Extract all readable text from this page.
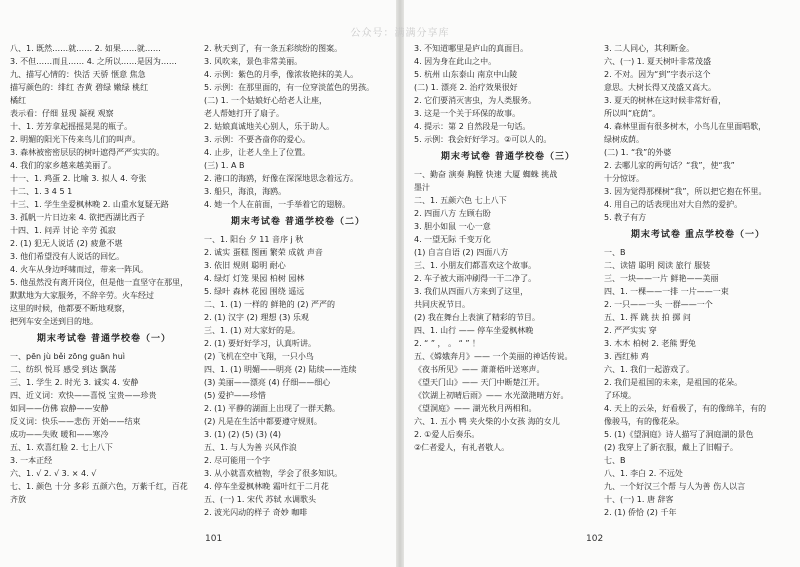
公众号：满满分享库
八、1. 既然……就…… 2. 如果……就……
3. 不但……而且…… 4. 之所以……是因为……
九、描写心情的：快活 天骄 惬意 焦急
描写颜色的：绯红 杏黄 碧绿 嫩绿 桃红
橘红
表示看：仔细 显现 凝视 观察
十、1. 芳芳拿起摇摇晃晃的瓶子。
2. 明媚的阳光下传来鸟儿们的叫声。
3. 森林被密密层层的树叶遮得严严实实的。
4. 我们的家乡越来越美丽了。
十一、1. 鸡蛋 2. 比喻 3. 拟人 4. 夸张
十二、1. 3 4 5 1
十三、1. 学生坐爱枫林晚 2. 山重水复疑无路
3. 孤帆一片日边来 4. 欲把西湖比西子
十四、1. 问弄 讨论 辛劳 孤寂
2. (1) 犯无人说话 (2) 疲惫不堪
3. 他们希望没有人说话的回忆。
4. 火车从身边呼啸而过，带来一阵风。
5. 他虽然没有离开岗位，但是他一直坚守在那里，
默默地为大家服务，不辞辛劳。火车经过
这里的时候，他都要不断地观察，
把列车安全送到目的地。
期末考试卷 普通学校卷（一）
一、pēn jù běi zōng guān huì
二、纺织 悦耳 感受 到达 飘荡
三、1. 学生 2. 时光 3. 诚实 4. 安静
四、近义词：欢快——喜悦 宝贵——珍贵
如同——仿佛 寂静——安静
反义词：快乐——悲伤 开始——结束
成功——失败 暖和——寒冷
五、1. 欢喜红脸 2. 七上八下
3. 一本正经
六、1. √ 2. √ 3. × 4. √
七、1. 颜色 十分 多彩 五颜六色，万紫千红，百花
齐放
2. 秋天到了，有一条五彩缤纷的图案。
3. 风吹来，景色非常美丽。
4. 示例：紫色的月季，像浓妆艳抹的美人。
5. 示例：在那里面的，有一位穿淡蓝色的男孩。
(二) 1. 一个姑娘好心给老人让座，
老人帮她打开了扇子。
2. 姑娘真诚地关心别人，乐于助人。
3. 示例：不要吝啬你的爱心。
4. 止步，让老人坐上了位置。
(三) 1. A B
2. 港口的海鸥，好像在深深地思念着远方。
3. 船只，海浪，海鸥。
4. 她一个人在前面，一手举着它的翅膀。
期末考试卷 普通学校卷（二）
一、1. 阳台 夕 11 音序 j 秋
2. 诚实 蛋糕 图画 繁荣 成就 声音
3. 依旧 规则 聪明 耐心
4. 绿灯 灯笼 果园 柏树 园林
5. 绿叶 森林 花园 围绕 遥远
二、1. (1) 一样的 鲜艳的 (2) 严严的
2. (1) 汉字 (2) 理想 (3) 乐观
三、1. (1) 对大家好的是。
2. (1) 要好好学习，认真听讲。
(2) 飞机在空中飞翔，一只小鸟
四、1. (1) 明媚——明亮 (2) 陆续——连续
(3) 美丽——漂亮 (4) 仔细——细心
(5) 爱护——珍惜
2. (1) 平静的湖面上出现了一群天鹅。
(2) 凡是在生活中都要遵守规则。
3. (1) (2) (5) (3) (4)
五、1. 与人为善 兴风作浪
2. 尽可能用一个字
3. 从小就喜欢植物，学会了很多知识。
4. 停车坐爱枫林晚 霜叶红于二月花
五、(一) 1. 宋代 苏轼 水调歌头
2. 波光闪动的样子 奇妙 咖啡
3. 不知道哪里是庐山的真面目。
4. 因为身在此山之中。
5. 杭州 山东泰山 南京中山陵
(二) 1. 漂亮 2. 治疗效果很好
2. 它们要消灭害虫，为人类服务。
3. 这是一个关于环保的故事。
4. 提示：第 2 自然段是一句话。
5. 示例：我会好好学习。②可以人的。
期末考试卷 普通学校卷（三）
一、勤奋 演奏 胸膛 快速 大厦 蜘蛛 挑战
墨汁
二、1. 五颜六色 七上八下
2. 四面八方 左顾右盼
3. 胆小如鼠 一心一意
4. 一望无际 千变万化
(1) 自言自语 (2) 四面八方
三、1. 小朋友们都喜欢这个故事。
2. 车子被大雨冲刷得一干二净了。
3. 我们从四面八方来到了这里，
共同庆祝节日。
(2) 我在舞台上表演了精彩的节目。
四、1. 山行 —— 停车坐爱枫林晚
2. “ ” ， 。 “ ” ！
五、《嫦娥奔月》—— 一个美丽的神话传说。
《夜书所见》—— 萧萧梧叶送寒声。
《望天门山》—— 天门中断楚江开。
《饮湖上初晴后雨》—— 水光潋滟晴方好。
《望洞庭》—— 湖光秋月两相和。
六、1. 五小 鸭 夹火柴的小女孩 海的女儿
2. ①爱人后奏乐。
②仁者爱人，有礼者敬人。
3. 二人同心，其利断金。
六、(一) 1. 夏天树叶非常茂盛
2. 不对。因为“到”字表示这个
意思。大树长得又茂盛又高大。
3. 夏天的树林在这时候非常好看，
所以叫“庇荫”。
4. 森林里面有很多树木，小鸟儿在里面唱歌，
绿树成荫。
(二) 1. “我”的外婆
2. 去哪儿家的两句话？“我”，使“我”
十分惊讶。
3. 因为觉得那棵树“我”，所以把它抱在怀里。
4. 用自己的话表现出对大自然的爱护。
5. 教子有方
期末考试卷 重点学校卷（一）
一、B
二、读错 聪明 阅读 旅行 服装
三、一块——一片 鲜艳——美丽
四、1. 一棵——一排 一片——一束
2. 一只——一头 一群——一个
五、1. 挥 跳 扶 拍 掷 问
2. 严严实实 穿
3. 木木 柏树 2. 老熊 野兔
3. 西红柿 鸡
六、1. 我们一起游戏了。
2. 我们是祖国的未来，是祖国的花朵。
了环境。
4. 天上的云朵，好看极了，有的像绵羊，有的
像骏马，有的像花朵。
5. (1)《望洞庭》诗人描写了洞庭湖的景色
(2) 我穿上了新衣服，戴上了旧帽子。
七、B
八、1. 李白 2. 不远处
九、一个好汉三个帮 与人为善 伤人以言
十、(一) 1. 唐 辞客
2. (1) 侨恰 (2) 千年
101	102
